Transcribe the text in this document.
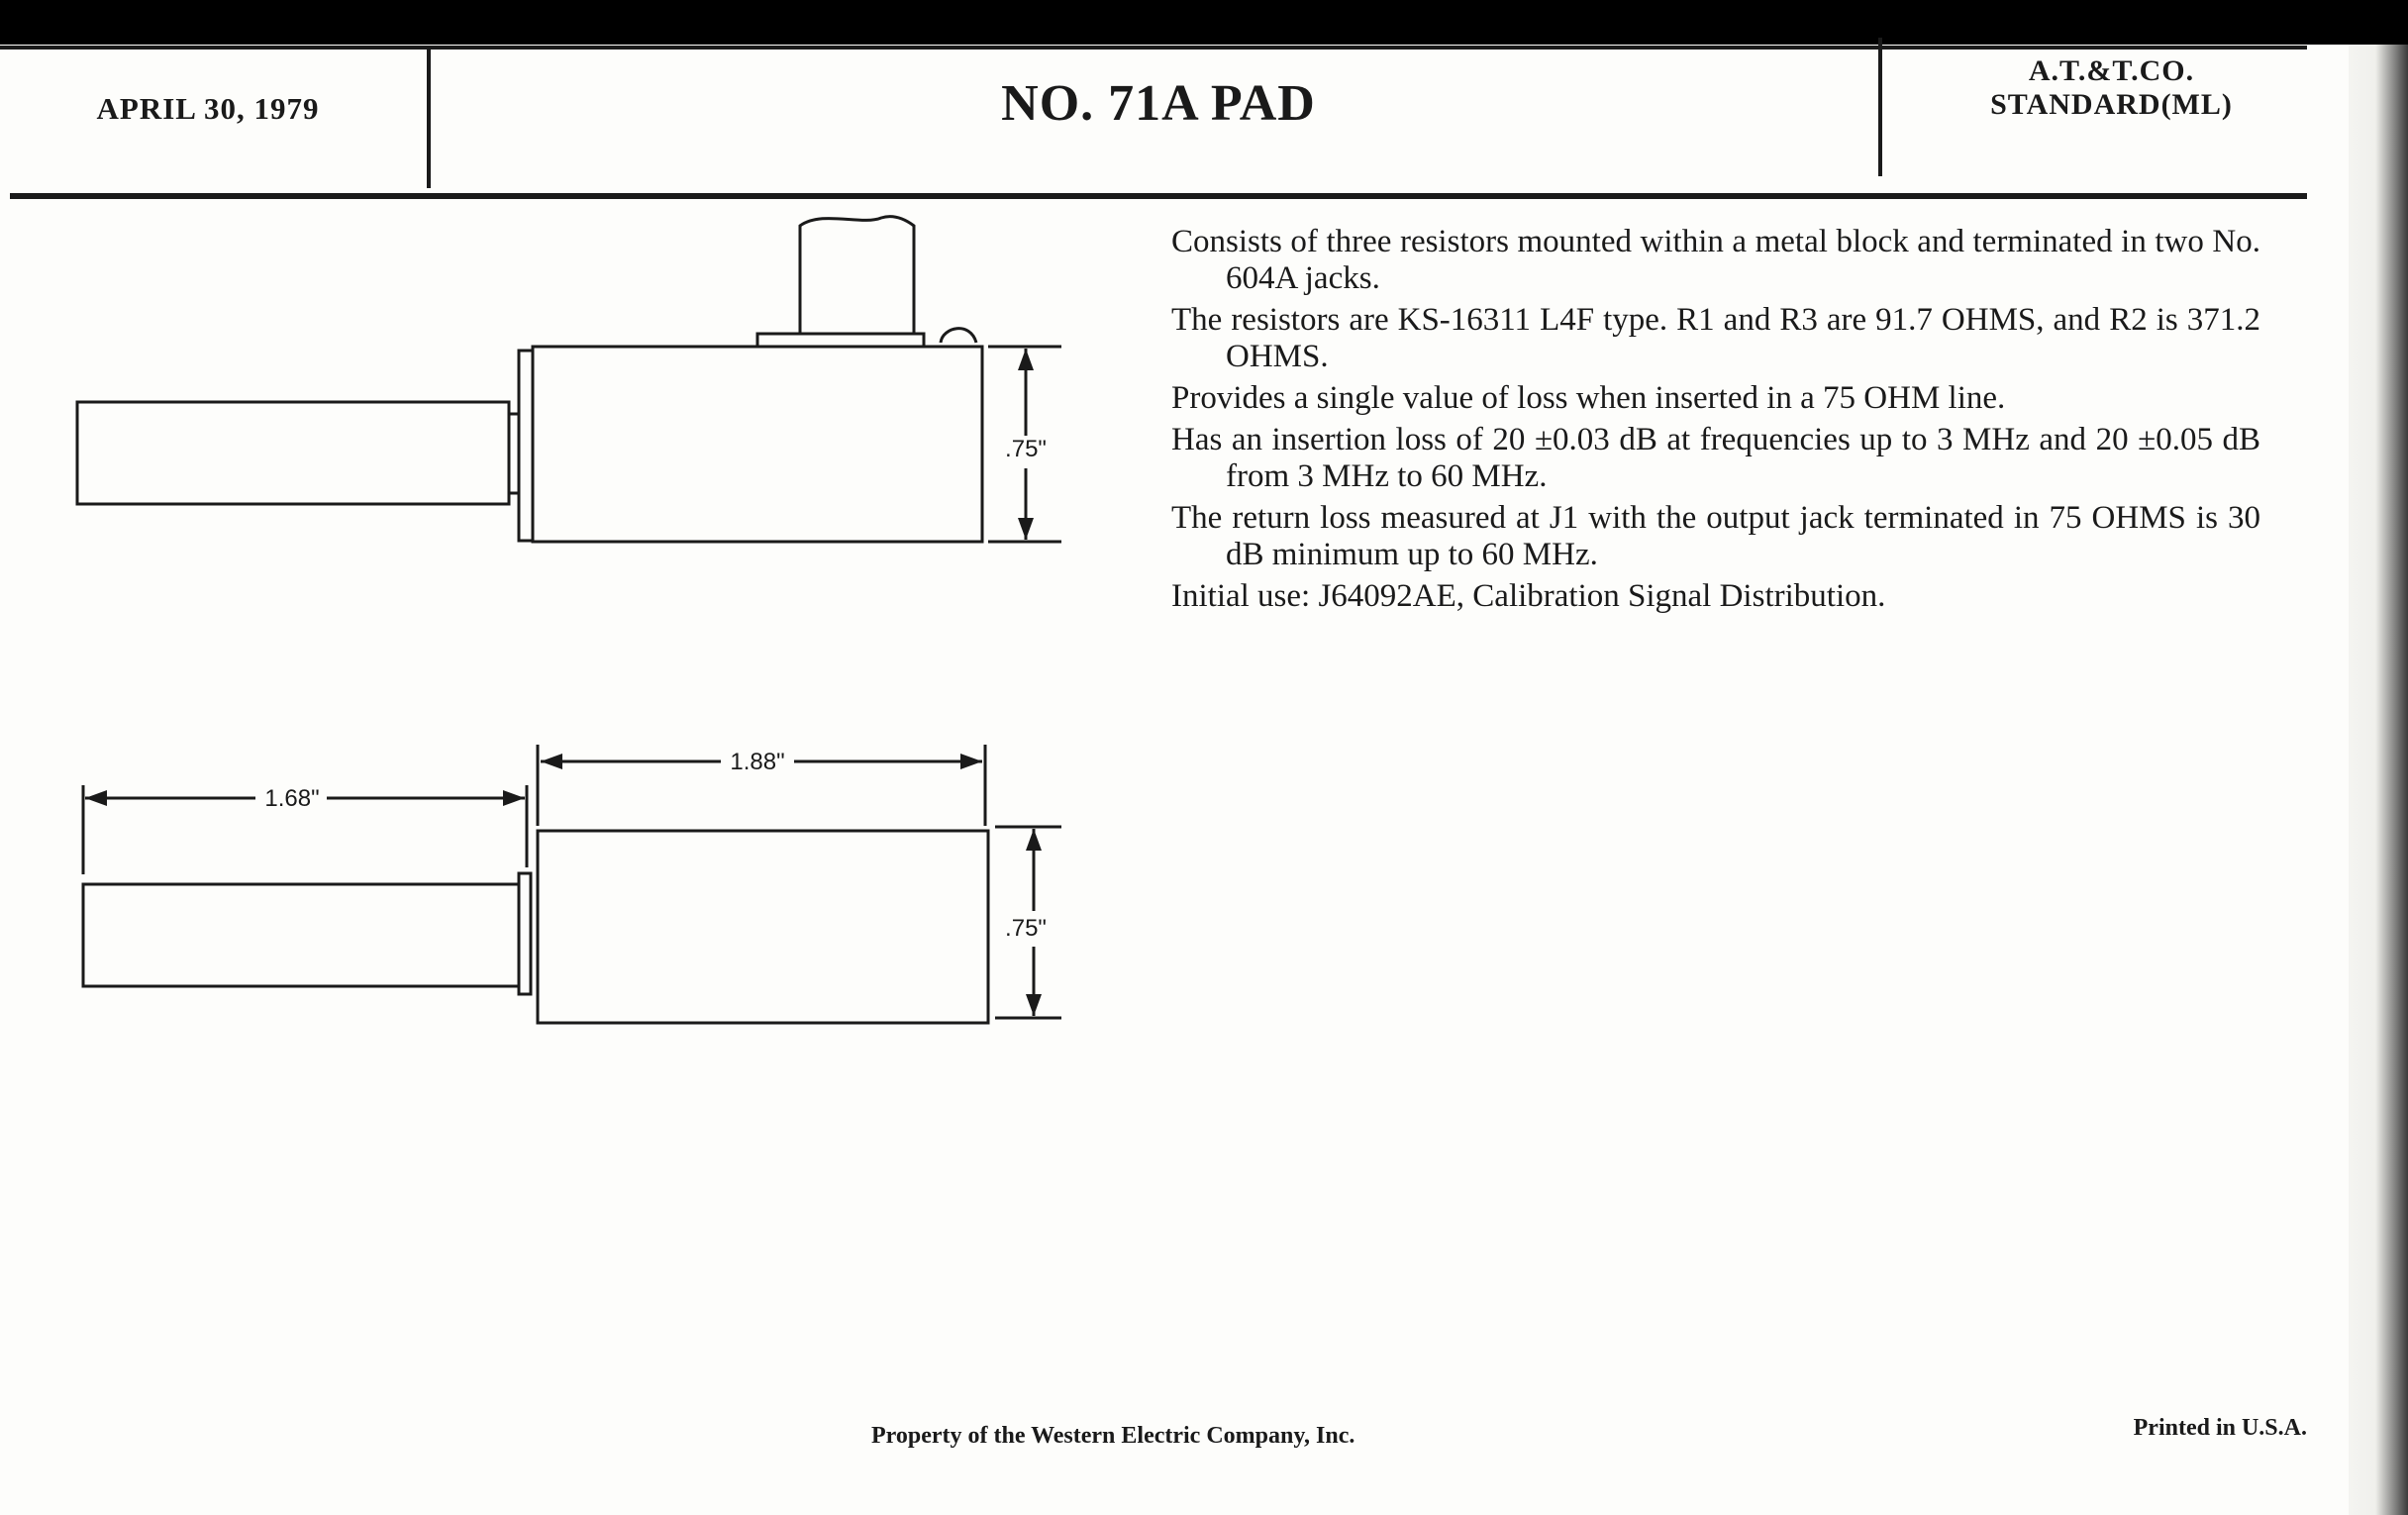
APRIL 30, 1979	NO. 71A PAD
A.T.&T.CO.
STANDARD(ML)
.75"
1.68"
1.88"
.75"

Consists of three resistors mounted within a metal block and terminated in two No. 604A jacks.

The resistors are KS-16311 L4F type. R1 and R3 are 91.7 OHMS, and R2 is 371.2 OHMS.

Provides a single value of loss when inserted in a 75 OHM line.

Has an insertion loss of 20 ±0.03 dB at frequencies up to 3 MHz and 20 ±0.05 dB from 3 MHz to 60 MHz.

The return loss measured at J1 with the output jack terminated in 75 OHMS is 30 dB minimum up to 60 MHz.

Initial use: J64092AE, Calibration Signal Distribution.

Property of the Western Electric Company, Inc.	Printed in U.S.A.
